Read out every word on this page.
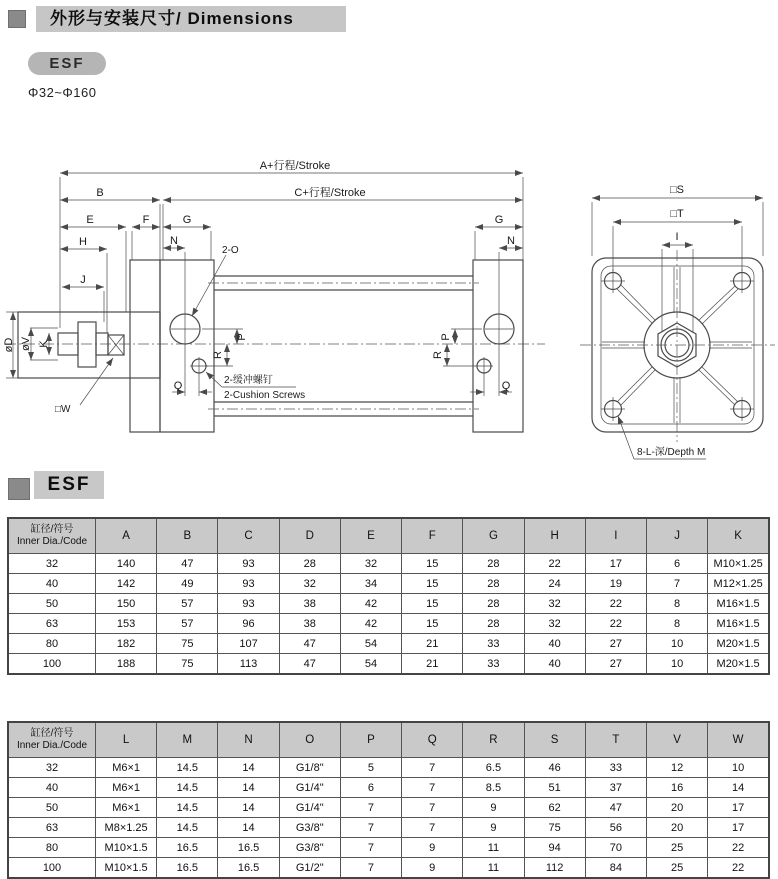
外形与安装尺寸/ Dimensions
ESF
Φ32~Φ160
A+行程/Stroke
C+行程/Stroke
B
E	F	G	G
H	N	N
J
øD øV K
P
R
P
R
Q	Q
2-O
2-缓冲螺钉
2-Cushion Screws
□W
□S
□T
I
8-L-深/Depth M
ESF
缸径/符号
Inner Dia./Code	A	B	C	D	E	F	G	H	I	J	K
32	140	47	93	28	32	15	28	22	17	6	M10×1.25
40	142	49	93	32	34	15	28	24	19	7	M12×1.25
50	150	57	93	38	42	15	28	32	22	8	M16×1.5
63	153	57	96	38	42	15	28	32	22	8	M16×1.5
80	182	75	107	47	54	21	33	40	27	10	M20×1.5
100	188	75	113	47	54	21	33	40	27	10	M20×1.5
缸径/符号
Inner Dia./Code	L	M	N	O	P	Q	R	S	T	V	W
32	M6×1	14.5	14	G1/8"	5	7	6.5	46	33	12	10
40	M6×1	14.5	14	G1/4"	6	7	8.5	51	37	16	14
50	M6×1	14.5	14	G1/4"	7	7	9	62	47	20	17
63	M8×1.25	14.5	14	G3/8"	7	7	9	75	56	20	17
80	M10×1.5	16.5	16.5	G3/8"	7	9	11	94	70	25	22
100	M10×1.5	16.5	16.5	G1/2"	7	9	11	112	84	25	22
